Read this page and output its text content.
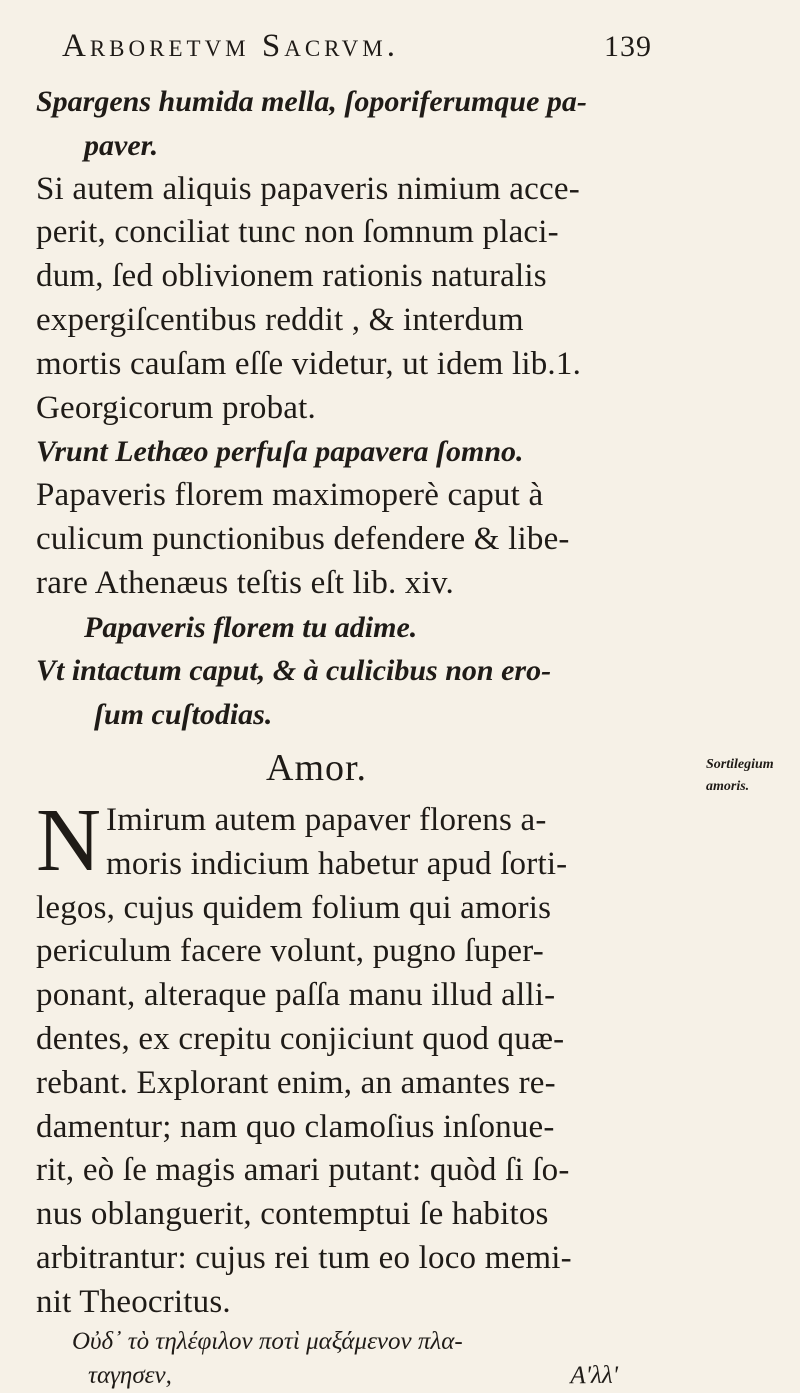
Arboretvm Sacrvm.	139
Spargens humida mella, ſoporiferumque pa-
paver.
Si autem aliquis papaveris nimium acce-
perit, conciliat tunc non ſomnum placi-
dum, ſed oblivionem rationis naturalis
expergiſcentibus reddit , & interdum
mortis cauſam eſſe videtur, ut idem lib.1.
Georgicorum probat.
Vrunt Lethæo perfuſa papavera ſomno.
Papaveris florem maximoperè caput à
culicum punctionibus defendere & libe-
rare Athenæus teſtis eſt lib. xiv.
Papaveris florem tu adime.
Vt intactum caput, & à culicibus non ero-
ſum cuſtodias.
Amor.
N Imirum autem papaver florens a-
moris indicium habetur apud ſorti-
legos, cujus quidem folium qui amoris
periculum facere volunt, pugno ſuper-
ponant, alteraque paſſa manu illud alli-
dentes, ex crepitu conjiciunt quod quæ-
rebant. Explorant enim, an amantes re-
damentur; nam quo clamoſius inſonue-
rit, eò ſe magis amari putant: quòd ſi ſo-
nus oblanguerit, contemptui ſe habitos
arbitrantur: cujus rei tum eo loco memi-
nit Theocritus.
Οὐδ᾽ τὸ τηλέφιλον ποτὶ μαξάμενον πλα-
ταγησεν,	Α'λλ'
Sortilegium
amoris.
